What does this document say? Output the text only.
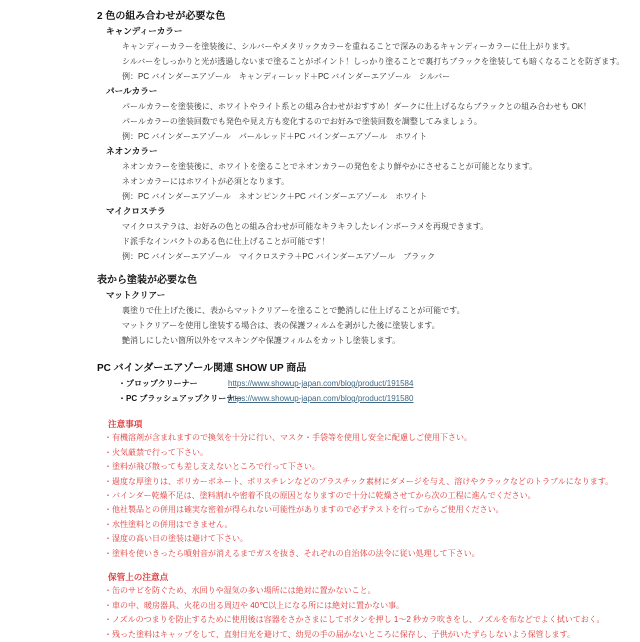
2 色の組み合わせが必要な色
キャンディーカラー
キャンディーカラーを塗装後に、シルバーやメタリックカラーを重ねることで深みのあるキャンディーカラーに仕上がります。
シルバーをしっかりと光が透過しないまで塗ることがポイント！しっかり塗ることで裏打ちブラックを塗装しても暗くなることを防ぎます。
例：PC バインダーエアゾール　キャンディーレッド＋PC バインダーエアゾール　シルバー
パールカラー
パールカラーを塗装後に、ホワイトやライト系との組み合わせがおすすめ！ダークに仕上げるならブラックとの組み合わせも OK！
パールカラーの塗装回数でも発色や見え方も変化するのでお好みで塗装回数を調整してみましょう。
例：PC バインダーエアゾール　パールレッド＋PC バインダーエアゾール　ホワイト
ネオンカラー
ネオンカラーを塗装後に、ホワイトを塗ることでネオンカラーの発色をより鮮やかにさせることが可能となります。
ネオンカラーにはホワイトが必須となります。
例：PC バインダーエアゾール　ネオンピンク＋PC バインダーエアゾール　ホワイト
マイクロステラ
マイクロステラは、お好みの色との組み合わせが可能なキラキラしたレインボーラメを再現できます。
ド派手なインパクトのある色に仕上げることが可能です！
例：PC バインダーエアゾール　マイクロステラ＋PC バインダーエアゾール　ブラック
表から塗装が必要な色
マットクリアー
裏塗りで仕上げた後に、表からマットクリアーを塗ることで艶消しに仕上げることが可能です。
マットクリアーを使用し塗装する場合は、表の保護フィルムを剥がした後に塗装します。
艶消しにしたい箇所以外をマスキングや保護フィルムをカットし塗装します。
PC バインダーエアゾール関連 SHOW UP 商品
・プロップクリーナー	https://www.showup-japan.com/blog/product/191584
・PC ブラッシュアップクリーナー
https://www.showup-japan.com/blog/product/191580
注意事項
・有機溶剤が含まれますので換気を十分に行い、マスク・手袋等を使用し安全に配慮しご使用下さい。
・火気厳禁で行って下さい。
・塗料が飛び散っても差し支えないところで行って下さい。
・過度な厚塗りは、ポリカーボネート、ポリスチレンなどのプラスチック素材にダメージを与え、溶けやクラックなどのトラブルになります。
・バインダー乾燥不足は、塗料割れや密着不良の原因となりますので十分に乾燥させてから次の工程に進んでください。
・他社製品との併用は確実な密着が得られない可能性がありますので必ずテストを行ってからご使用ください。
・水性塗料との併用はできません。
・湿度の高い日の塗装は避けて下さい。
・塗料を使いきったら噴射音が消えるまでガスを抜き、それぞれの自治体の法令に従い処理して下さい。
保管上の注意点
・缶のサビを防ぐため、水回りや湿気の多い場所には絶対に置かないこと。
・車の中、暖房器具、火花の出る周辺や 40℃以上になる所には絶対に置かない事。
・ノズルのつまりを防止するために使用後は容器をさかさまにしてボタンを押し 1～2 秒カラ吹きをし、ノズルを布などでよく拭いておく。
・残った塗料はキャップをして、直射日光を避けて、幼児の手の届かないところに保存し、子供がいたずらしないよう保管します。
